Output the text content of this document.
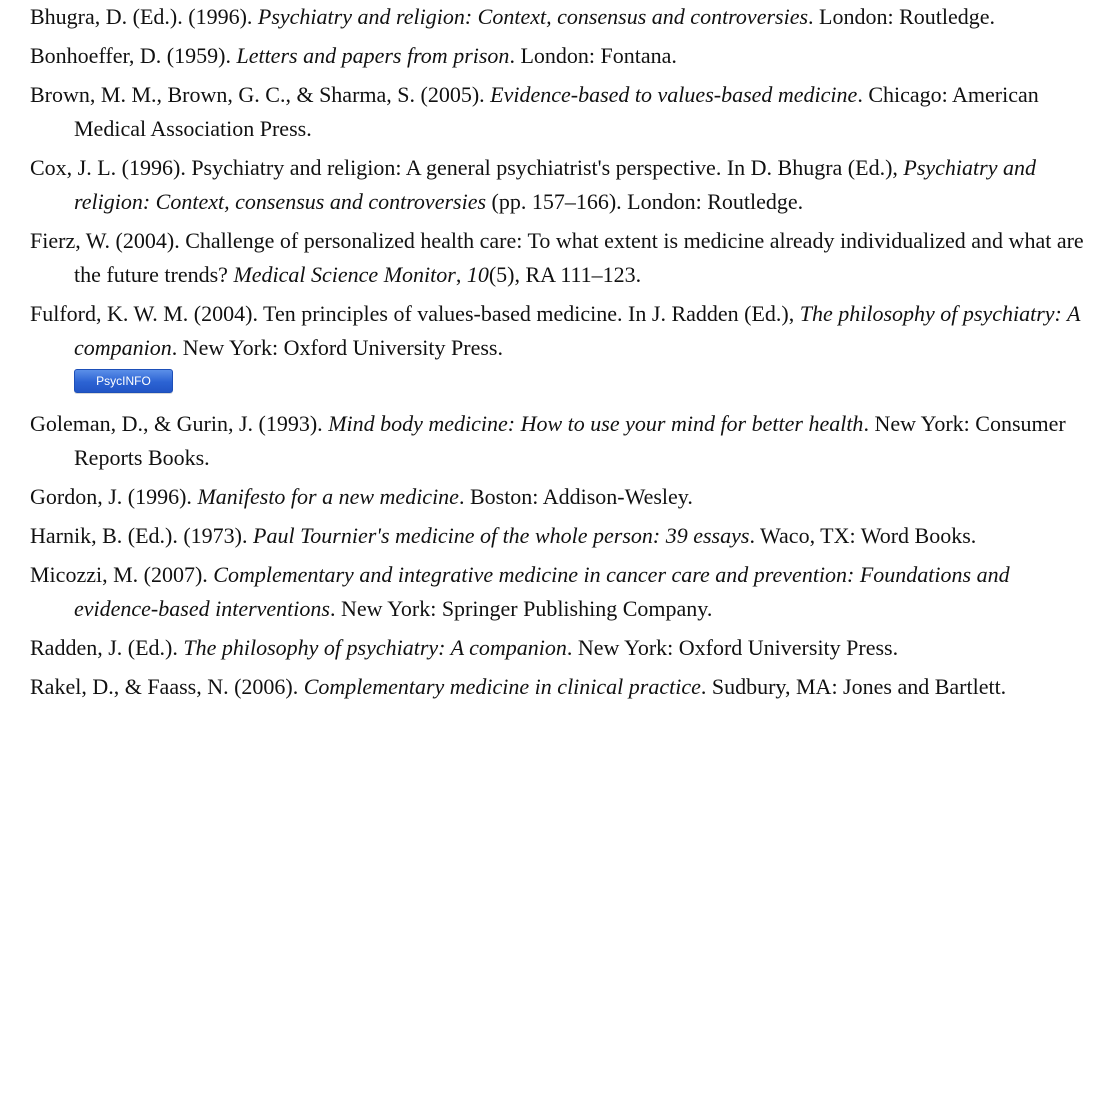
Bhugra, D. (Ed.). (1996). Psychiatry and religion: Context, consensus and controversies. London: Routledge.

Bonhoeffer, D. (1959). Letters and papers from prison. London: Fontana.

Brown, M. M., Brown, G. C., & Sharma, S. (2005). Evidence-based to values-based medicine. Chicago: American Medical Association Press.

Cox, J. L. (1996). Psychiatry and religion: A general psychiatrist's perspective. In D. Bhugra (Ed.), Psychiatry and religion: Context, consensus and controversies (pp. 157–166). London: Routledge.

Fierz, W. (2004). Challenge of personalized health care: To what extent is medicine already individualized and what are the future trends? Medical Science Monitor, 10(5), RA 111–123.

Fulford, K. W. M. (2004). Ten principles of values-based medicine. In J. Radden (Ed.), The philosophy of psychiatry: A companion. New York: Oxford University Press.

PsycINFO

Goleman, D., & Gurin, J. (1993). Mind body medicine: How to use your mind for better health. New York: Consumer Reports Books.

Gordon, J. (1996). Manifesto for a new medicine. Boston: Addison-Wesley.

Harnik, B. (Ed.). (1973). Paul Tournier's medicine of the whole person: 39 essays. Waco, TX: Word Books.

Micozzi, M. (2007). Complementary and integrative medicine in cancer care and prevention: Foundations and evidence-based interventions. New York: Springer Publishing Company.

Radden, J. (Ed.). The philosophy of psychiatry: A companion. New York: Oxford University Press.

Rakel, D., & Faass, N. (2006). Complementary medicine in clinical practice. Sudbury, MA: Jones and Bartlett.
